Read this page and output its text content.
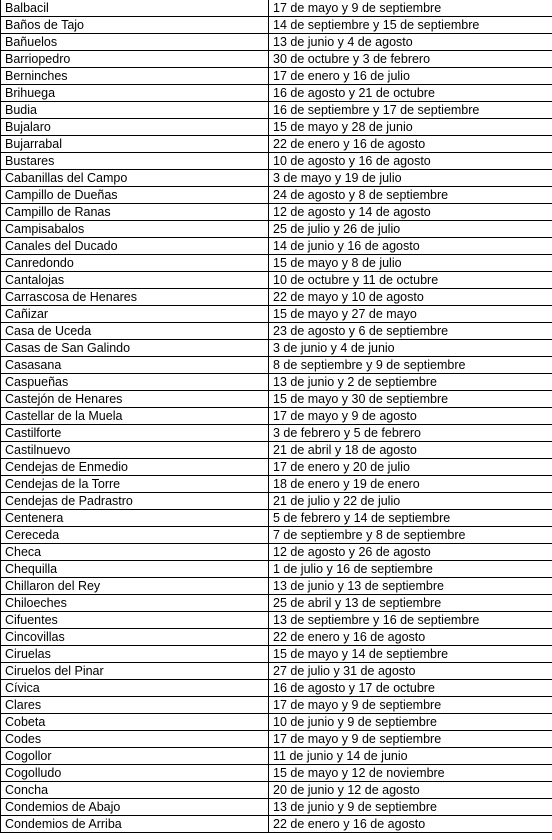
Balbacil	17 de mayo y 9 de septiembre
Baños de Tajo	14 de septiembre y 15 de septiembre
Bañuelos	13 de junio y 4 de agosto
Barriopedro	30 de octubre y 3 de febrero
Berninches	17 de enero y 16 de julio
Brihuega	16 de agosto y 21 de octubre
Budia	16 de septiembre y 17 de septiembre
Bujalaro	15 de mayo y 28 de junio
Bujarrabal	22 de enero y 16 de agosto
Bustares	10 de agosto y 16 de agosto
Cabanillas del Campo	3 de mayo y 19 de julio
Campillo de Dueñas	24 de agosto y 8 de septiembre
Campillo de Ranas	12 de agosto y 14 de agosto
Campisabalos	25 de julio y 26 de julio
Canales del Ducado	14 de junio y 16 de agosto
Canredondo	15 de mayo y 8 de julio
Cantalojas	10 de octubre y 11 de octubre
Carrascosa de Henares	22 de mayo y 10 de agosto
Cañizar	15 de mayo y 27 de mayo
Casa de Uceda	23 de agosto y 6 de septiembre
Casas de San Galindo	3 de junio y 4 de junio
Casasana	8 de septiembre y 9 de septiembre
Caspueñas	13 de junio y 2 de septiembre
Castejón de Henares	15 de mayo y 30 de septiembre
Castellar de la Muela	17 de mayo y 9 de agosto
Castilforte	3 de febrero y 5 de febrero
Castilnuevo	21 de abril y 18 de agosto
Cendejas de Enmedio	17 de enero y 20 de julio
Cendejas de la Torre	18 de enero y 19 de enero
Cendejas de Padrastro	21 de julio y 22 de julio
Centenera	5 de febrero y 14 de septiembre
Cereceda	7 de septiembre y 8 de septiembre
Checa	12 de agosto y 26 de agosto
Chequilla	1 de julio y 16 de septiembre
Chillaron del Rey	13 de junio y 13 de septiembre
Chiloeches	25 de abril y 13 de septiembre
Cifuentes	13 de septiembre y 16 de septiembre
Cincovillas	22 de enero y 16 de agosto
Ciruelas	15 de mayo y 14 de septiembre
Ciruelos del Pinar	27 de julio y 31 de agosto
Cívica	16 de agosto y 17 de octubre
Clares	17 de mayo y 9 de septiembre
Cobeta	10 de junio y 9 de septiembre
Codes	17 de mayo y 9 de septiembre
Cogollor	11 de junio y 14 de junio
Cogolludo	15 de mayo y 12 de noviembre
Concha	20 de junio y 12 de agosto
Condemios de Abajo	13 de junio y 9 de septiembre
Condemios de Arriba	22 de enero y 16 de agosto
